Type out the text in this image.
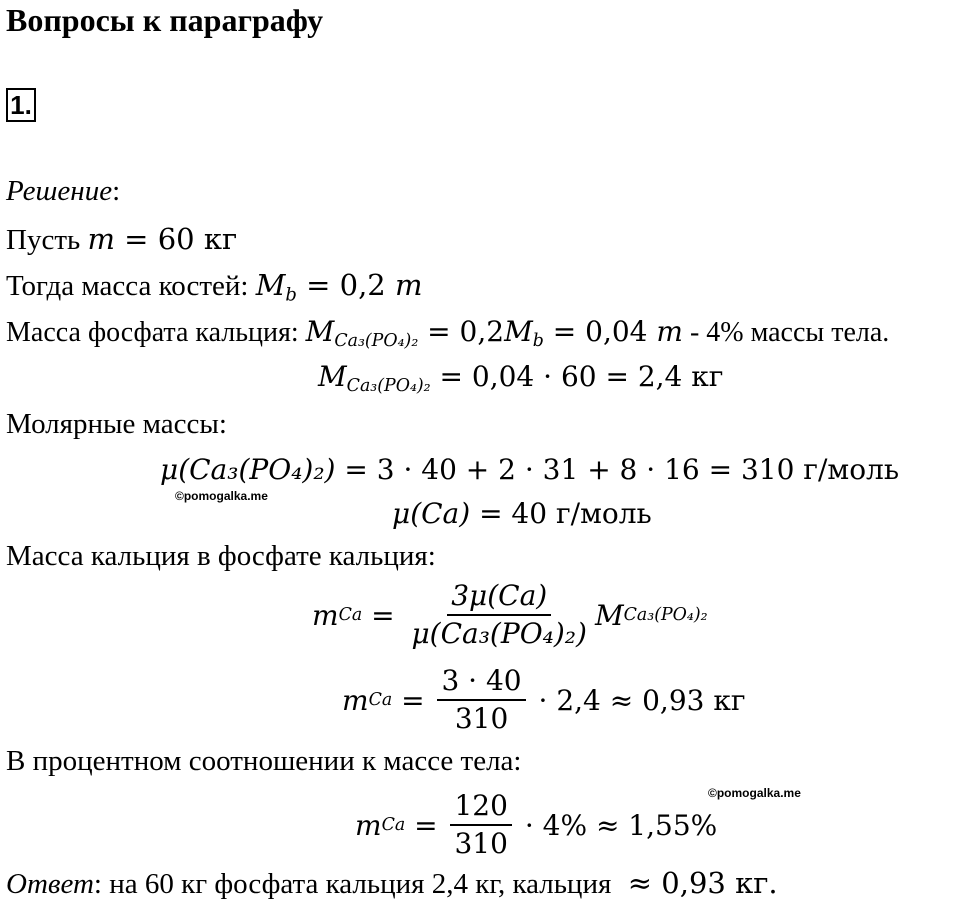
Вопросы к параграфу
1.
Решение:
Пусть m = 60 кг
Тогда масса костей: $M_b = 0,2$ m
Масса фосфата кальция: $M_{Ca_3(PO_4)_2} = 0,2M_b = 0,04$ m - 4% массы тела.
$M_{Ca_3(PO_4)_2} = 0,04 \cdot 60 = 2,4$ кг
Молярные массы:
μ(Ca₃(PO₄)₂) = 3 · 40 + 2 · 31 + 8 · 16 = 310 г/моль
©pomogalka.me
μ(Ca) = 40 г/моль
Масса кальция в фосфате кальция:
m $Ca = \frac{3\mu(Ca)}{\text{μ(Ca₃(PO₄)₂)}}$ M Ca₃(PO₄)₂
m $Ca = \frac{3 \cdot 40}{310} \cdot 2,4 \approx 0,93$ кг
В процентном соотношении к массе тела:
©pomogalka.me
m $Ca = \frac{120}{310} \cdot 4\% \approx 1,55\%$
Ответ: на 60 кг фосфата кальция 2,4 кг, кальция  ≈ 0,93 кг.
